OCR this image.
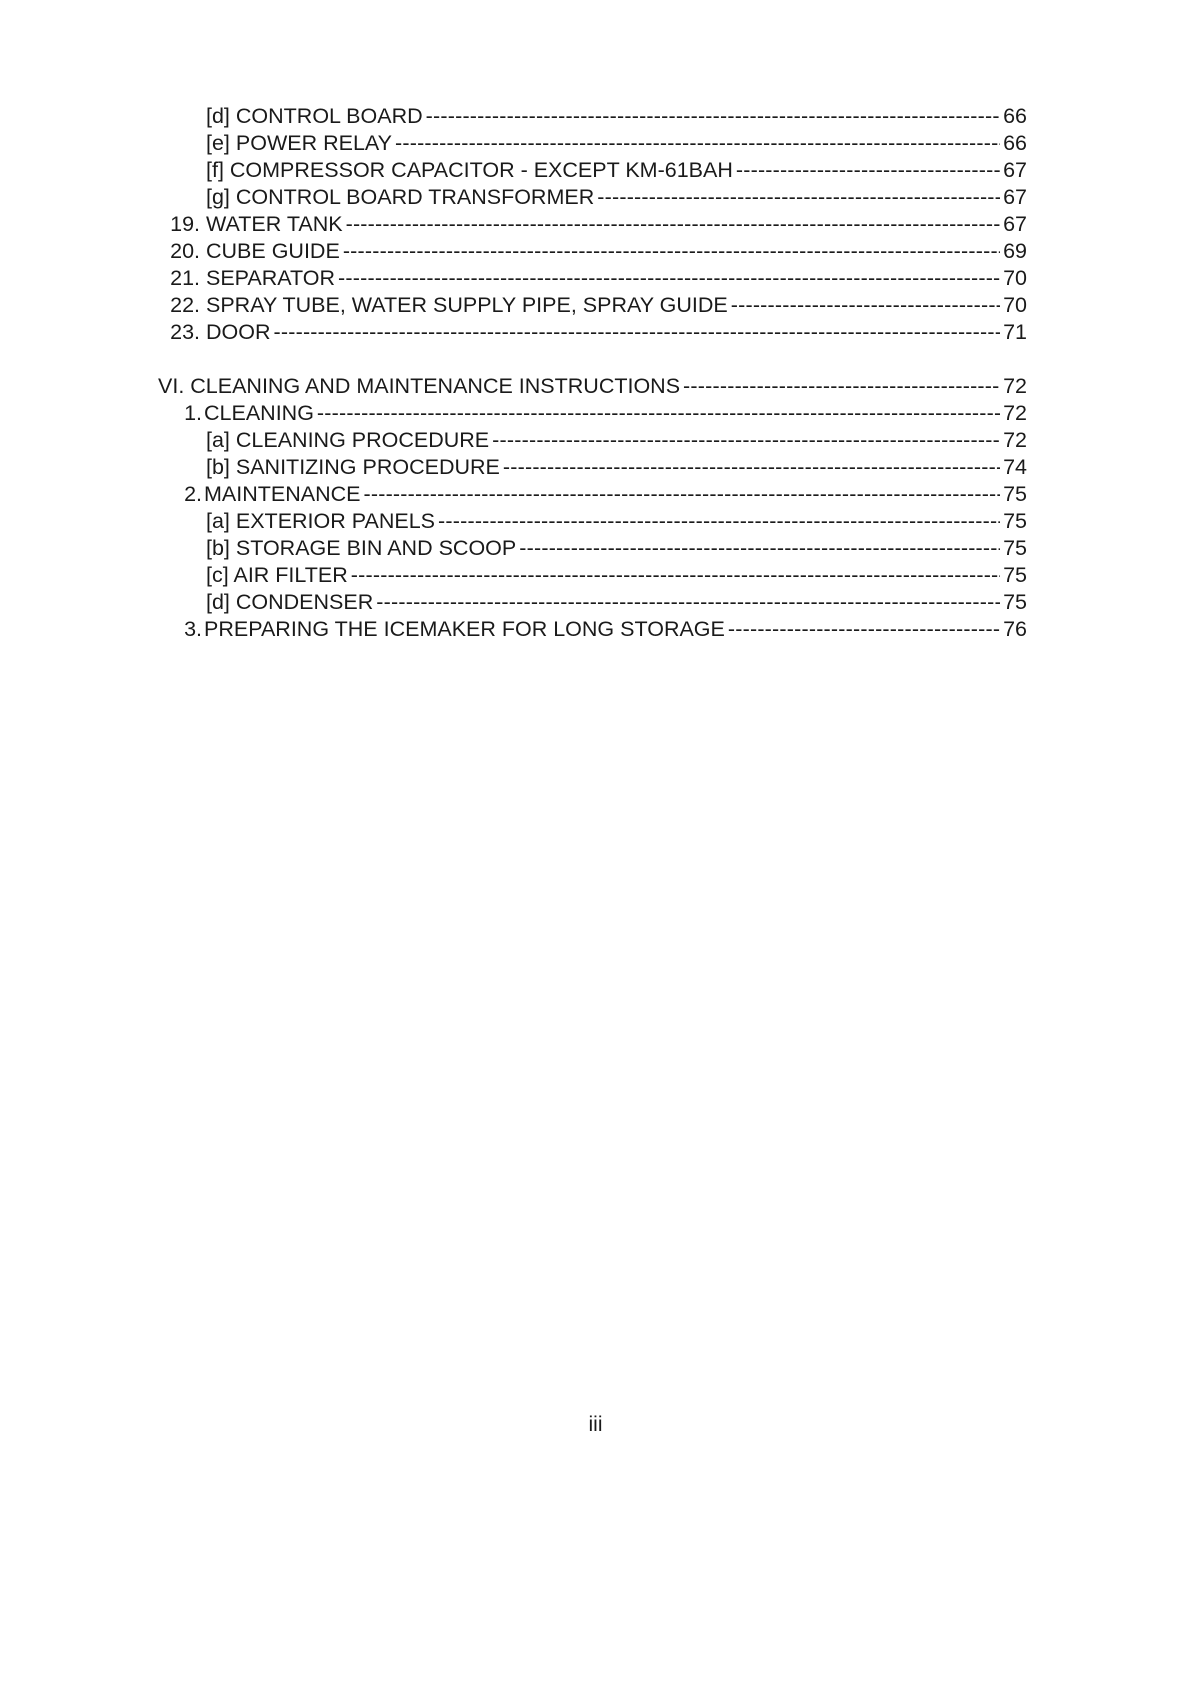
[d] CONTROL BOARD -----	66
[e] POWER RELAY -----	66
[f] COMPRESSOR CAPACITOR - EXCEPT KM-61BAH -----	67
[g] CONTROL BOARD TRANSFORMER -----	67
19. WATER TANK -----	67
20. CUBE GUIDE -----	69
21. SEPARATOR -----	70
22. SPRAY TUBE, WATER SUPPLY PIPE, SPRAY GUIDE -----	70
23. DOOR -----	71
VI. CLEANING AND MAINTENANCE INSTRUCTIONS -----	72
1. CLEANING -----	72
[a] CLEANING PROCEDURE -----	72
[b] SANITIZING PROCEDURE -----	74
2. MAINTENANCE -----	75
[a] EXTERIOR PANELS -----	75
[b] STORAGE BIN AND SCOOP -----	75
[c] AIR FILTER -----	75
[d] CONDENSER -----	75
3. PREPARING THE ICEMAKER FOR LONG STORAGE -----	76
iii
